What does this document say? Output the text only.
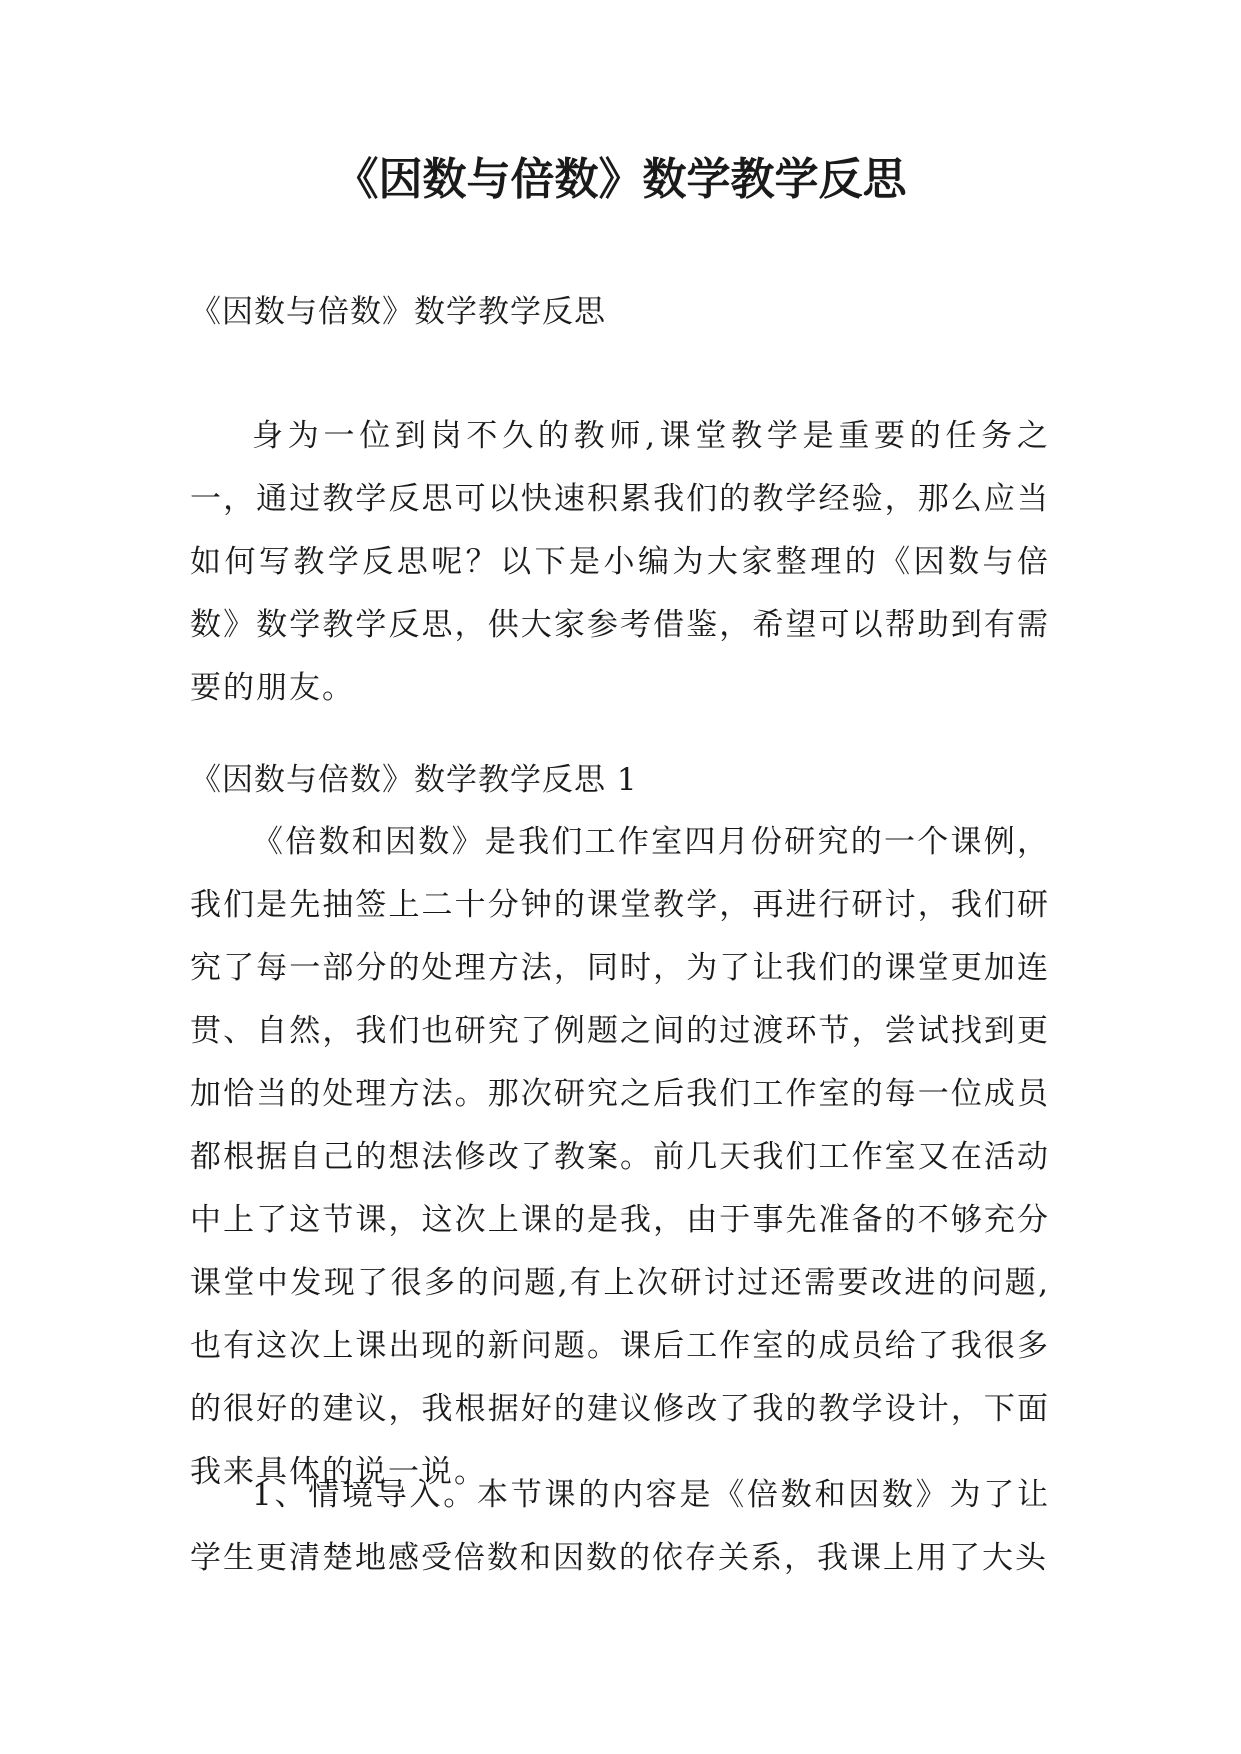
《因数与倍数》数学教学反思
《因数与倍数》数学教学反思

身为一位到岗不久的教师,课堂教学是重要的任务之一，通过教学反思可以快速积累我们的教学经验，那么应当如何写教学反思呢？以下是小编为大家整理的《因数与倍数》数学教学反思，供大家参考借鉴，希望可以帮助到有需要的朋友。

《因数与倍数》数学教学反思 1

《倍数和因数》是我们工作室四月份研究的一个课例，我们是先抽签上二十分钟的课堂教学，再进行研讨，我们研究了每一部分的处理方法，同时，为了让我们的课堂更加连贯、自然，我们也研究了例题之间的过渡环节，尝试找到更加恰当的处理方法。那次研究之后我们工作室的每一位成员都根据自己的想法修改了教案。前几天我们工作室又在活动中上了这节课，这次上课的是我，由于事先准备的不够充分课堂中发现了很多的问题,有上次研讨过还需要改进的问题,也有这次上课出现的新问题。课后工作室的成员给了我很多的很好的建议，我根据好的建议修改了我的教学设计，下面我来具体的说一说。

1、情境导入。本节课的内容是《倍数和因数》为了让学生更清楚地感受倍数和因数的依存关系，我课上用了大头
